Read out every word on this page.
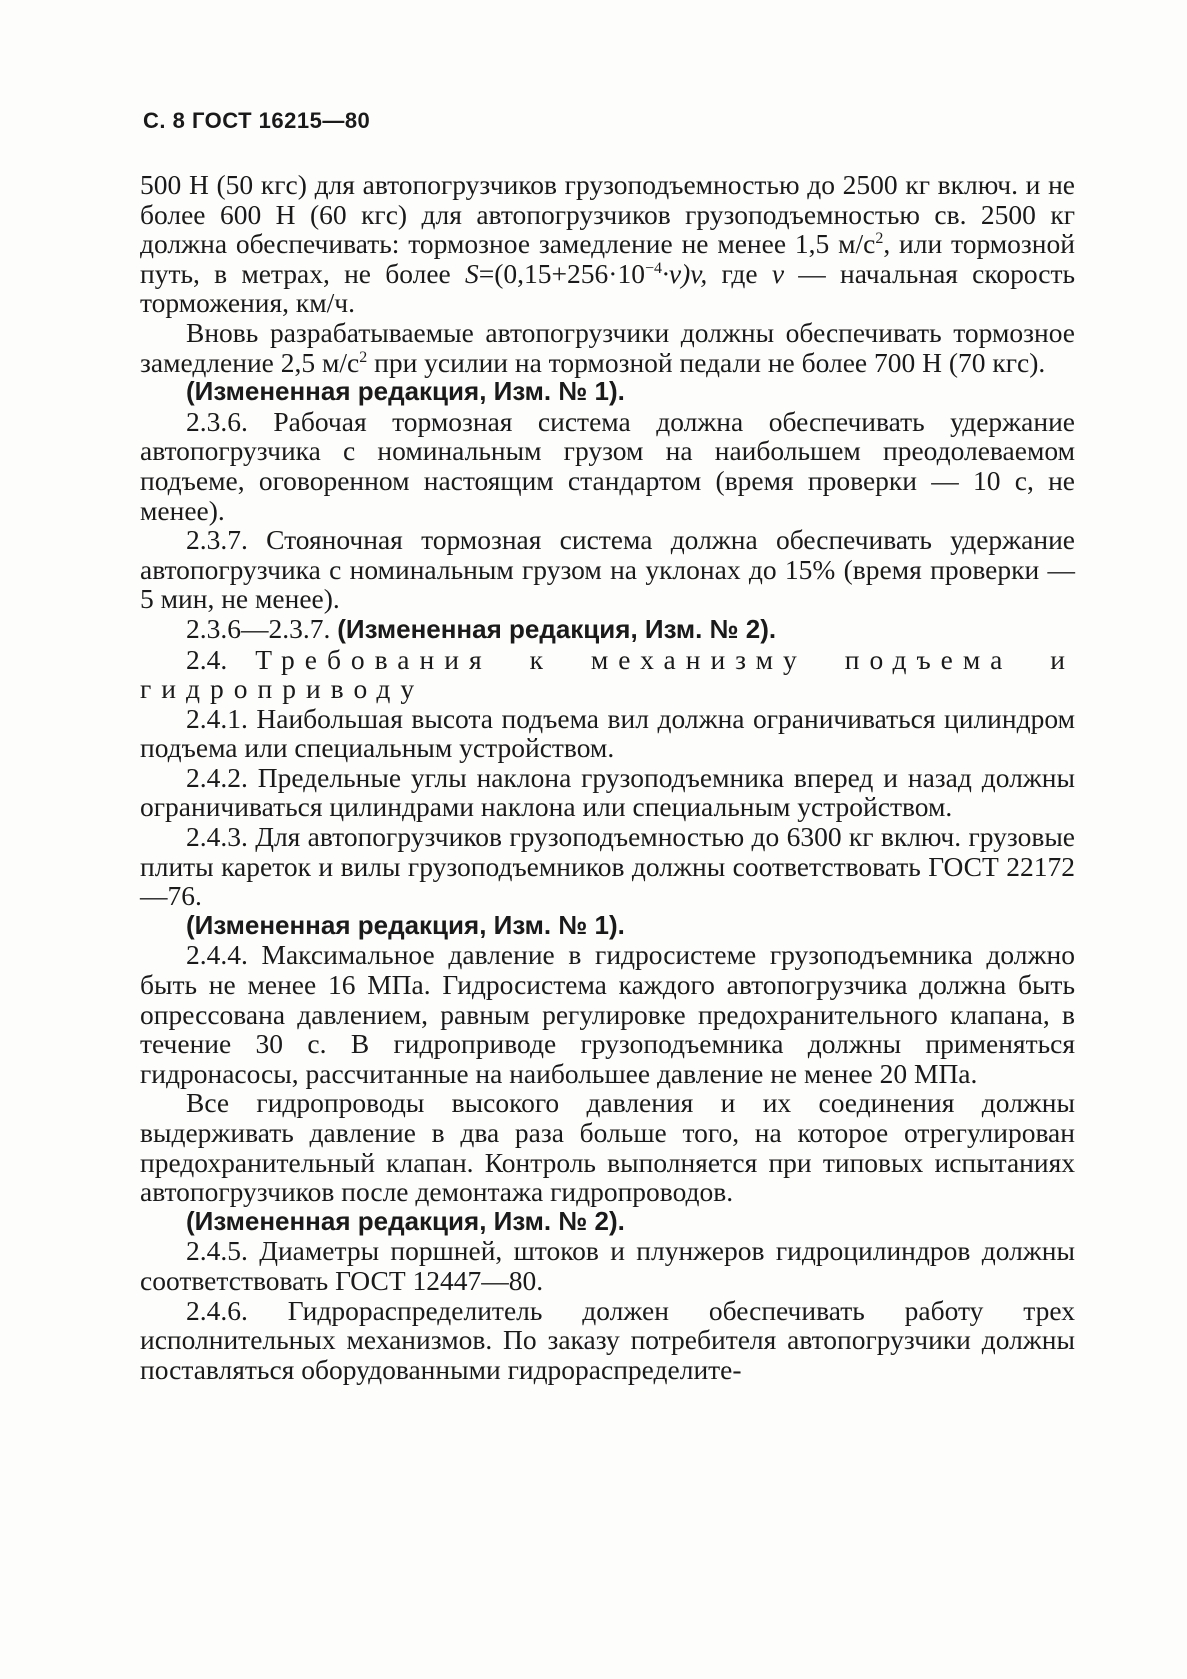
С. 8 ГОСТ 16215—80

500 Н (50 кгс) для автопогрузчиков грузоподъемностью до 2500 кг включ. и не более 600 Н (60 кгс) для автопогрузчиков грузоподъемностью св. 2500 кг должна обеспечивать: тормозное замедление не менее 1,5 $м/с^2$, или тормозной путь, в метрах, не более $S=(0,15+256\cdot 10^{-4}\cdot v)v$, где v — начальная скорость торможения, км/ч.

Вновь разрабатываемые автопогрузчики должны обеспечивать тормозное замедление 2,5 $м/с^2$ при усилии на тормозной педали не более 700 Н (70 кгс).

(Измененная редакция, Изм. № 1).

2.3.6. Рабочая тормозная система должна обеспечивать удержание автопогрузчика с номинальным грузом на наибольшем преодолеваемом подъеме, оговоренном настоящим стандартом (время проверки — 10 с, не менее).

2.3.7. Стояночная тормозная система должна обеспечивать удержание автопогрузчика с номинальным грузом на уклонах до 15% (время проверки — 5 мин, не менее).

2.3.6—2.3.7. (Измененная редакция, Изм. № 2).

2.4. Требования к механизму подъема и гидроприводу

2.4.1. Наибольшая высота подъема вил должна ограничиваться цилиндром подъема или специальным устройством.

2.4.2. Предельные углы наклона грузоподъемника вперед и назад должны ограничиваться цилиндрами наклона или специальным устройством.

2.4.3. Для автопогрузчиков грузоподъемностью до 6300 кг включ. грузовые плиты кареток и вилы грузоподъемников должны соответствовать ГОСТ 22172—76.

(Измененная редакция, Изм. № 1).

2.4.4. Максимальное давление в гидросистеме грузоподъемника должно быть не менее 16 МПа. Гидросистема каждого автопогрузчика должна быть опрессована давлением, равным регулировке предохранительного клапана, в течение 30 с. В гидроприводе грузоподъемника должны применяться гидронасосы, рассчитанные на наибольшее давление не менее 20 МПа.

Все гидропроводы высокого давления и их соединения должны выдерживать давление в два раза больше того, на которое отрегулирован предохранительный клапан. Контроль выполняется при типовых испытаниях автопогрузчиков после демонтажа гидропроводов.

(Измененная редакция, Изм. № 2).

2.4.5. Диаметры поршней, штоков и плунжеров гидроцилиндров должны соответствовать ГОСТ 12447—80.

2.4.6. Гидрораспределитель должен обеспечивать работу трех исполнительных механизмов. По заказу потребителя автопогрузчики должны поставляться оборудованными гидрораспределите-
